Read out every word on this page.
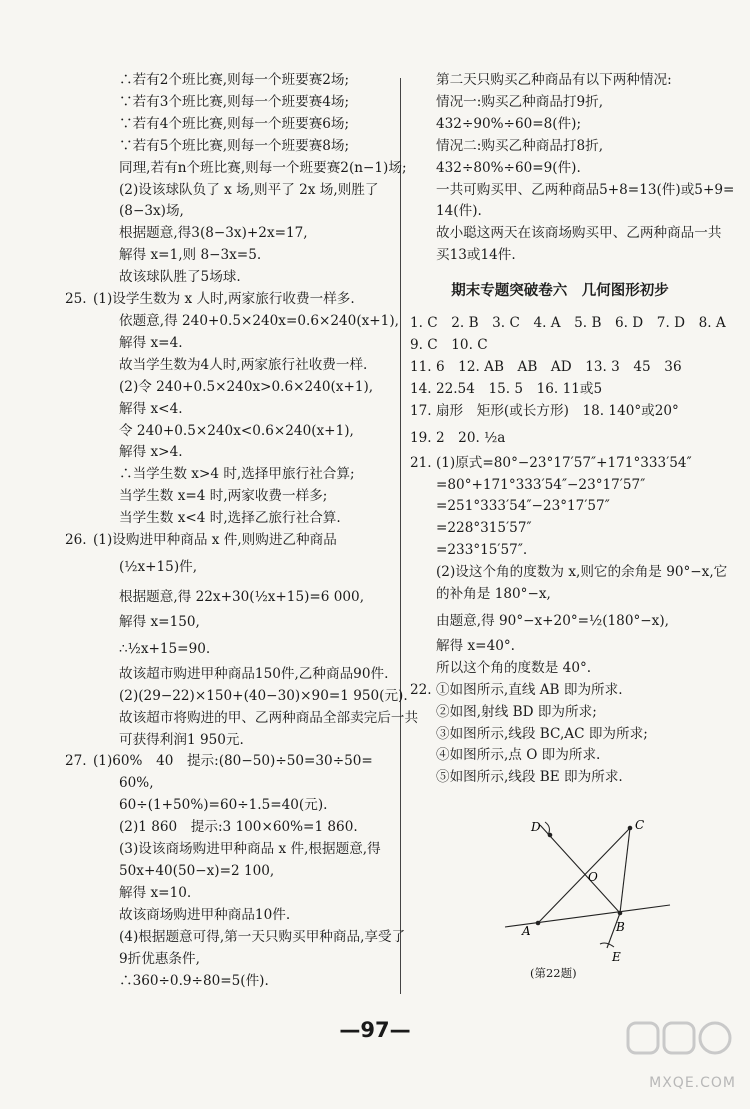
∴若有2个班比赛,则每一个班要赛2场;
∵若有3个班比赛,则每一个班要赛4场;
∵若有4个班比赛,则每一个班要赛6场;
∵若有5个班比赛,则每一个班要赛8场;
同理,若有n个班比赛,则每一个班要赛2(n−1)场;
(2)设该球队负了 x 场,则平了 2x 场,则胜了
(8−3x)场,
根据题意,得3(8−3x)+2x=17,
解得 x=1,则 8−3x=5.
故该球队胜了5场球.
25. (1)设学生数为 x 人时,两家旅行收费一样多.
依题意,得 240+0.5×240x=0.6×240(x+1),
解得 x=4.
故当学生数为4人时,两家旅行社收费一样.
(2)令 240+0.5×240x>0.6×240(x+1),
解得 x<4.
令 240+0.5×240x<0.6×240(x+1),
解得 x>4.
∴当学生数 x>4 时,选择甲旅行社合算;
当学生数 x=4 时,两家收费一样多;
当学生数 x<4 时,选择乙旅行社合算.
26. (1)设购进甲种商品 x 件,则购进乙种商品
(½x+15)件,
根据题意,得 22x+30(½x+15)=6 000,
解得 x=150,
∴½x+15=90.
故该超市购进甲种商品150件,乙种商品90件.
(2)(29−22)×150+(40−30)×90=1 950(元).
故该超市将购进的甲、乙两种商品全部卖完后一共
可获得利润1 950元.
27. (1)60%　40　提示:(80−50)÷50=30÷50=
60%,
60÷(1+50%)=60÷1.5=40(元).
(2)1 860　提示:3 100×60%=1 860.
(3)设该商场购进甲种商品 x 件,根据题意,得
50x+40(50−x)=2 100,
解得 x=10.
故该商场购进甲种商品10件.
(4)根据题意可得,第一天只购买甲种商品,享受了
9折优惠条件,
∴360÷0.9÷80=5(件).
第二天只购买乙种商品有以下两种情况:
情况一:购买乙种商品打9折,
432÷90%÷60=8(件);
情况二:购买乙种商品打8折,
432÷80%÷60=9(件).
一共可购买甲、乙两种商品5+8=13(件)或5+9=
14(件).
故小聪这两天在该商场购买甲、乙两种商品一共
买13或14件.
期末专题突破卷六　几何图形初步
1. C　2. B　3. C　4. A　5. B　6. D　7. D　8. A
9. C　10. C
11. 6　12. AB　AB　AD　13. 3　45　36
14. 22.54　15. 5　16. 11或5
17. 扇形　矩形(或长方形)　18. 140°或20°
19. 2　20. ½a
21. (1)原式=80°−23°17′57″+171°333′54″
=80°+171°333′54″−23°17′57″
=251°333′54″−23°17′57″
=228°315′57″
=233°15′57″.
(2)设这个角的度数为 x,则它的余角是 90°−x,它
的补角是 180°−x,
由题意,得 90°−x+20°=½(180°−x),
解得 x=40°.
所以这个角的度数是 40°.
22. ①如图所示,直线 AB 即为所求.
②如图,射线 BD 即为所求;
③如图所示,线段 BC,AC 即为所求;
④如图所示,点 O 即为所求.
⑤如图所示,线段 BE 即为所求.
D
O
C
A	B
E
(第22题)
—97—
MXQE.COM
